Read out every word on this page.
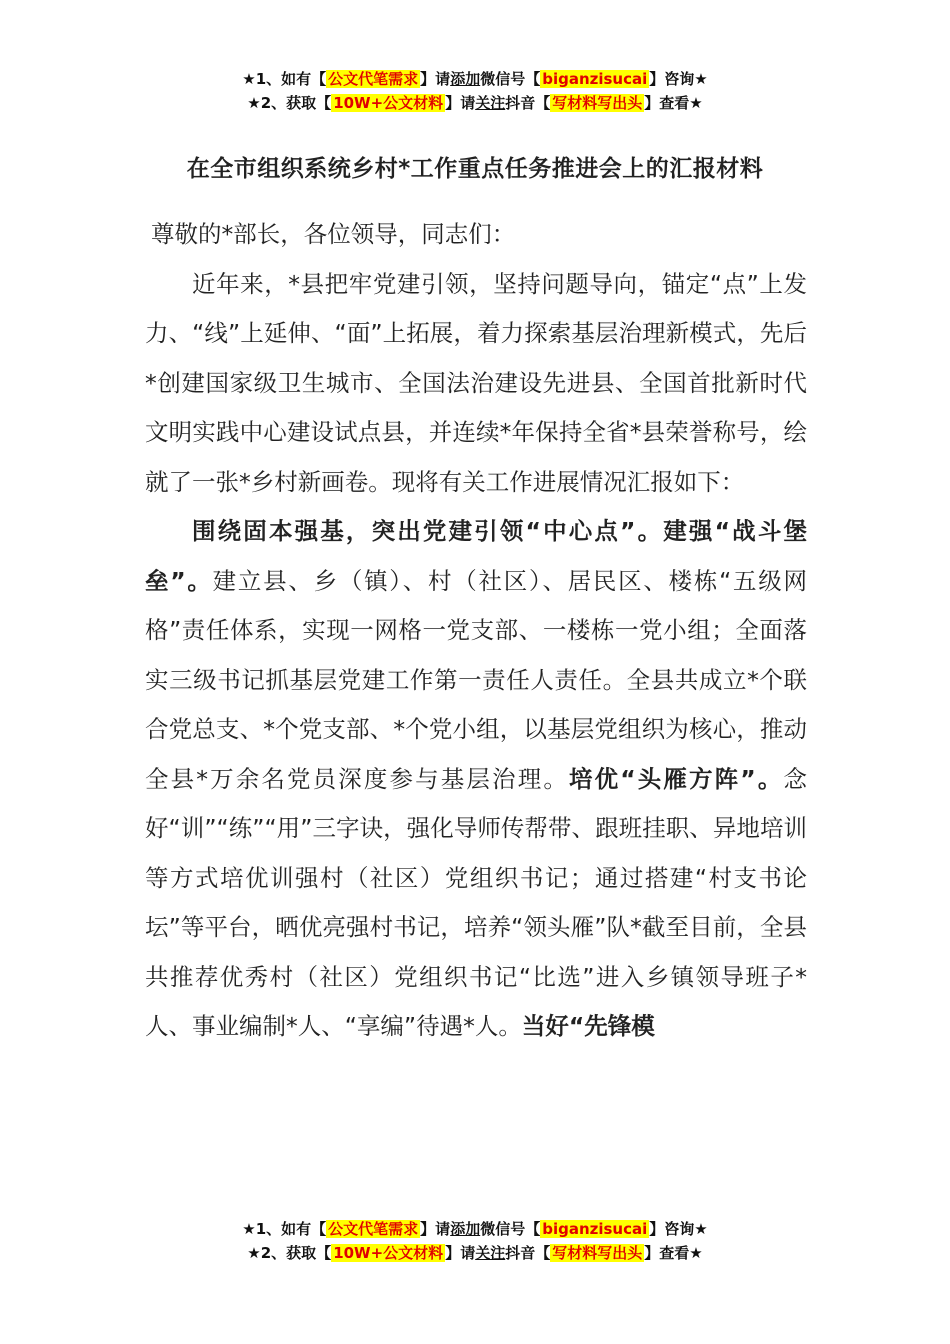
★1、如有【 公文代笔需求 】请添加微信号【 biganzisucai 】咨询★
★2、获取【 10W+公文材料 】请关注抖音【 写材料写出头 】查看★
在全市组织系统乡村*工作重点任务推进会上的汇报材料

尊敬的*部长，各位领导，同志们：

近年来，*县把牢党建引领，坚持问题导向，锚定“点”上发力、“线”上延伸、“面”上拓展，着力探索基层治理新模式，先后*创建国家级卫生城市、全国法治建设先进县、全国首批新时代文明实践中心建设试点县，并连续*年保持全省*县荣誉称号，绘就了一张*乡村新画卷。现将有关工作进展情况汇报如下：

围绕固本强基，突出党建引领“中心点”。建强“战斗堡垒”。建立县、乡（镇）、村（社区）、居民区、楼栋“五级网格”责任体系，实现一网格一党支部、一楼栋一党小组；全面落实三级书记抓基层党建工作第一责任人责任。全县共成立*个联合党总支、*个党支部、*个党小组，以基层党组织为核心，推动全县*万余名党员深度参与基层治理。培优“头雁方阵”。念好“训”“练”“用”三字诀，强化导师传帮带、跟班挂职、异地培训等方式培优训强村（社区）党组织书记；通过搭建“村支书论坛”等平台，晒优亮强村书记，培养“领头雁”队*截至目前，全县共推荐优秀村（社区）党组织书记“比选”进入乡镇领导班子*人、事业编制*人、“享编”待遇*人。当好“先锋模

★1、如有【 公文代笔需求 】请添加微信号【 biganzisucai 】咨询★
★2、获取【 10W+公文材料 】请关注抖音【 写材料写出头 】查看★
